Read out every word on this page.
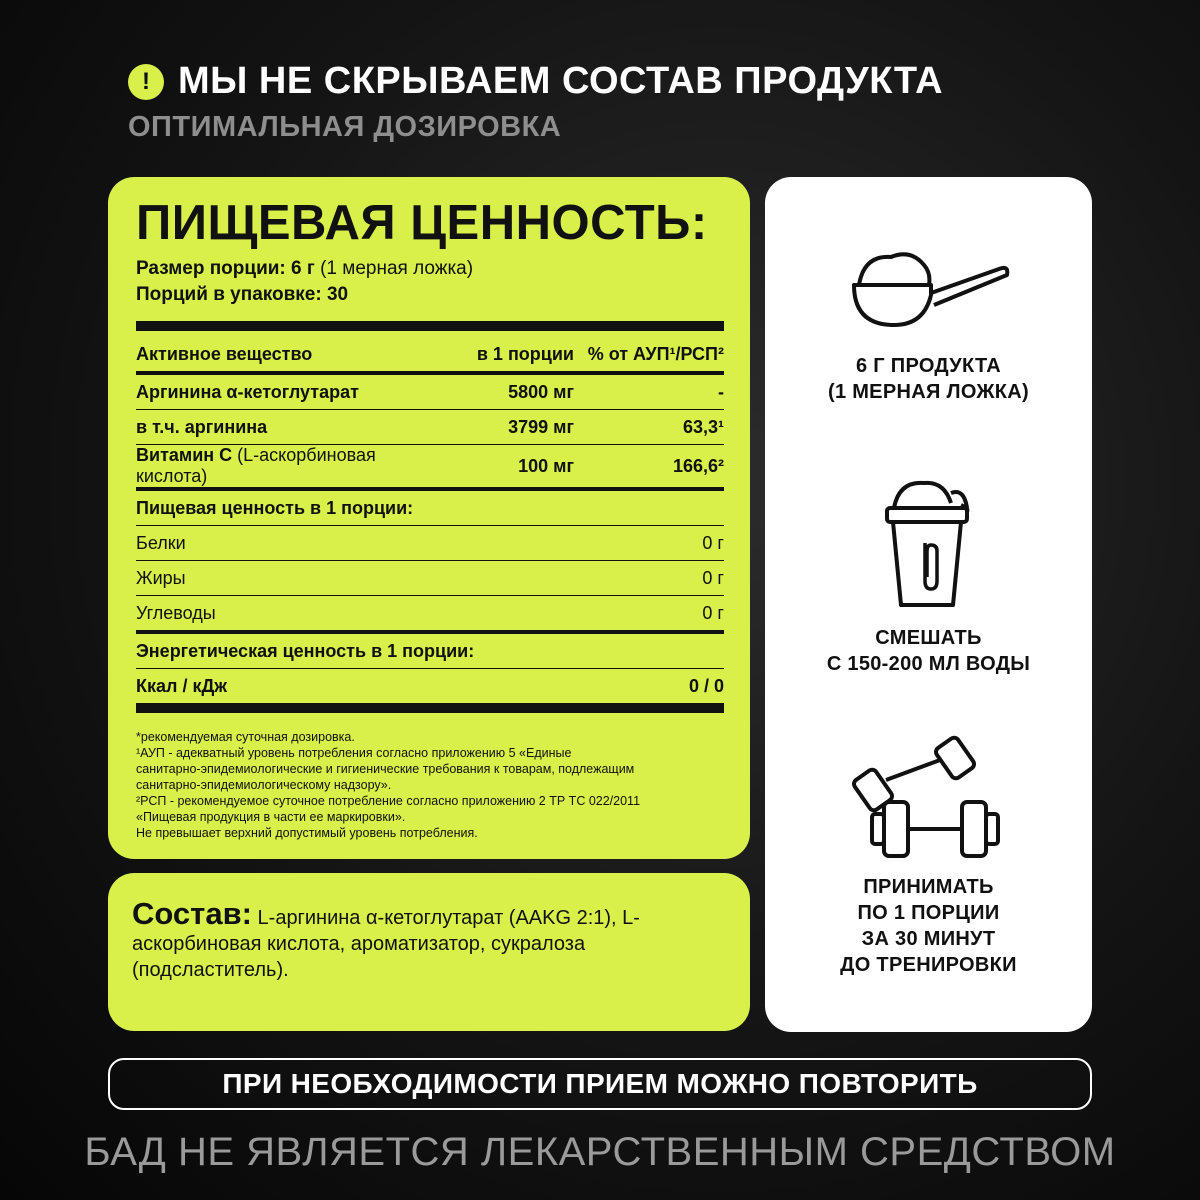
! МЫ НЕ СКРЫВАЕМ СОСТАВ ПРОДУКТА
ОПТИМАЛЬНАЯ ДОЗИРОВКА
ПИЩЕВАЯ ЦЕННОСТЬ:
Размер порции: 6 г (1 мерная ложка)
Порций в упаковке: 30
Активное вещество	в 1 порции	% от АУП¹/РСП²
Аргинина α-кетоглутарат	5800 мг	-
в т.ч. аргинина	3799 мг	63,3¹
Витамин С (L-аскорбиновая кислота)	100 мг	166,6²
Пищевая ценность в 1 порции:
Белки	0 г
Жиры	0 г
Углеводы	0 г
Энергетическая ценность в 1 порции:
Ккал / кДж	0 / 0
*рекомендуемая суточная дозировка.
¹АУП - адекватный уровень потребления согласно приложению 5 «Единые
санитарно-эпидемиологические и гигиенические требования к товарам, подлежащим
санитарно-эпидемиологическому надзору».
²РСП - рекомендуемое суточное потребление согласно приложению 2 ТР ТС 022/2011
«Пищевая продукция в части ее маркировки».
Не превышает верхний допустимый уровень потребления.
Состав: L-аргинина α-кетоглутарат (AAKG 2:1), L-аскорбиновая кислота, ароматизатор, сукралоза (подсластитель).
6 Г ПРОДУКТА
(1 МЕРНАЯ ЛОЖКА)
СМЕШАТЬ
С 150-200 МЛ ВОДЫ
ПРИНИМАТЬ
ПО 1 ПОРЦИИ
ЗА 30 МИНУТ
ДО ТРЕНИРОВКИ
ПРИ НЕОБХОДИМОСТИ ПРИЕМ МОЖНО ПОВТОРИТЬ
БАД НЕ ЯВЛЯЕТСЯ ЛЕКАРСТВЕННЫМ СРЕДСТВОМ
